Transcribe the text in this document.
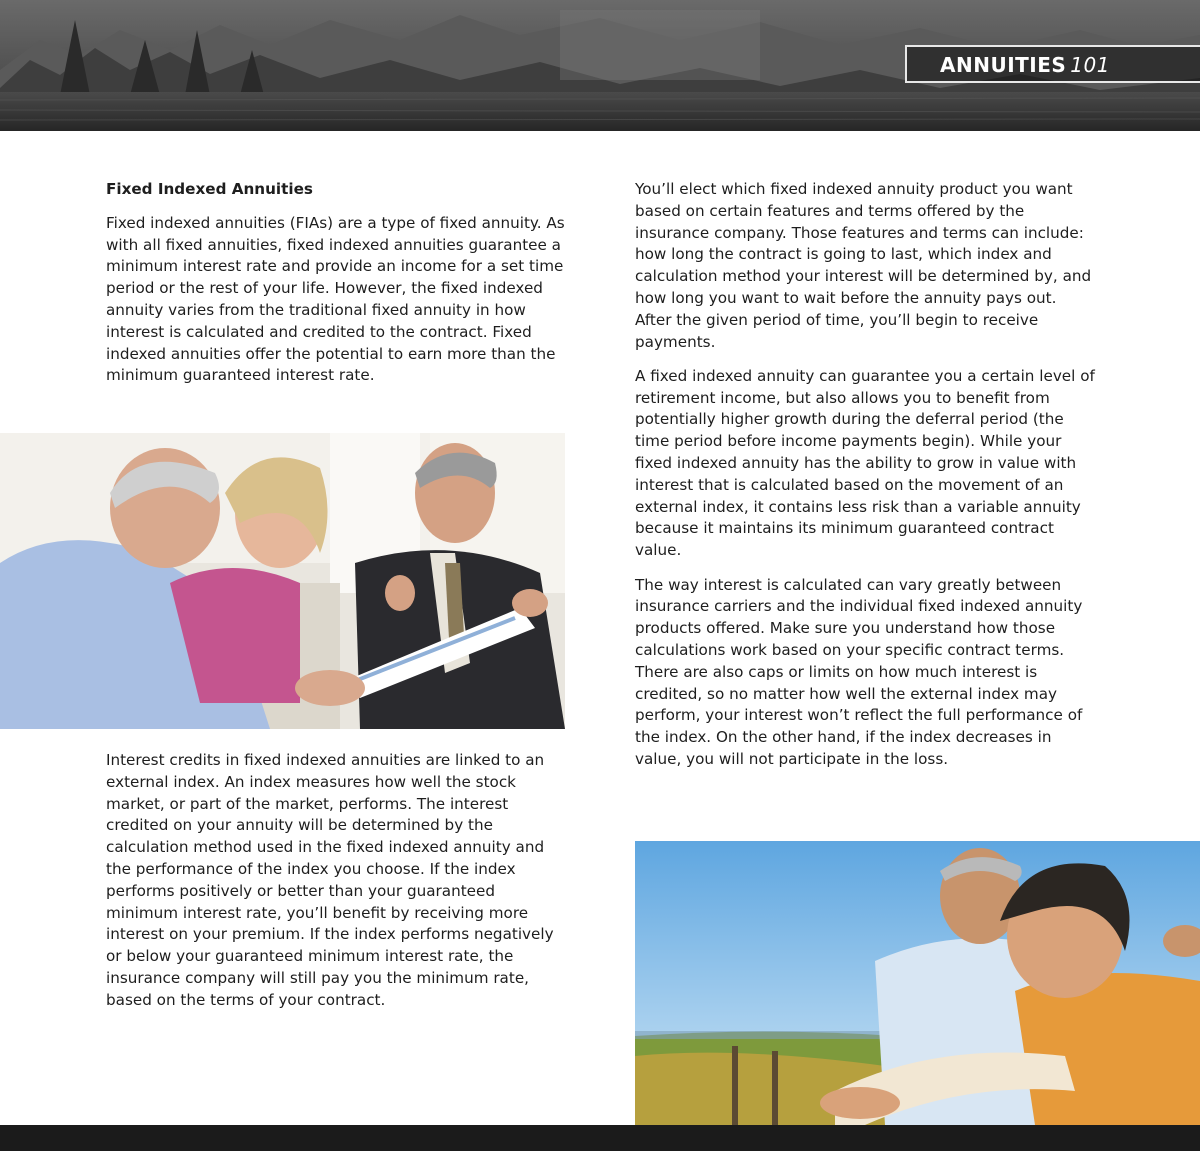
ANNUITIES 101
Fixed Indexed Annuities

Fixed indexed annuities (FIAs) are a type of fixed annuity. As with all fixed annuities, fixed indexed annuities guarantee a minimum interest rate and provide an income for a set time period or the rest of your life. However, the fixed indexed annuity varies from the traditional fixed annuity in how interest is calculated and credited to the contract. Fixed indexed annuities offer the potential to earn more than the minimum guaranteed interest rate.

Interest credits in fixed indexed annuities are linked to an external index. An index measures how well the stock market, or part of the market, performs. The interest credited on your annuity will be determined by the calculation method used in the fixed indexed annuity and the performance of the index you choose. If the index performs positively or better than your guaranteed minimum interest rate, you’ll benefit by receiving more interest on your premium. If the index performs negatively or below your guaranteed minimum interest rate, the insurance company will still pay you the minimum rate, based on the terms of your contract.

You’ll elect which fixed indexed annuity product you want based on certain features and terms offered by the insurance company. Those features and terms can include: how long the contract is going to last, which index and calculation method your interest will be determined by, and how long you want to wait before the annuity pays out. After the given period of time, you’ll begin to receive payments.

A fixed indexed annuity can guarantee you a certain level of retirement income, but also allows you to benefit from potentially higher growth during the deferral period (the time period before income payments begin). While your fixed indexed annuity has the ability to grow in value with interest that is calculated based on the movement of an external index, it contains less risk than a variable annuity because it maintains its minimum guaranteed contract value.

The way interest is calculated can vary greatly between insurance carriers and the individual fixed indexed annuity products offered. Make sure you understand how those calculations work based on your specific contract terms. There are also caps or limits on how much interest is credited, so no matter how well the external index may perform, your interest won’t reflect the full performance of the index. On the other hand, if the index decreases in value, you will not participate in the loss.
